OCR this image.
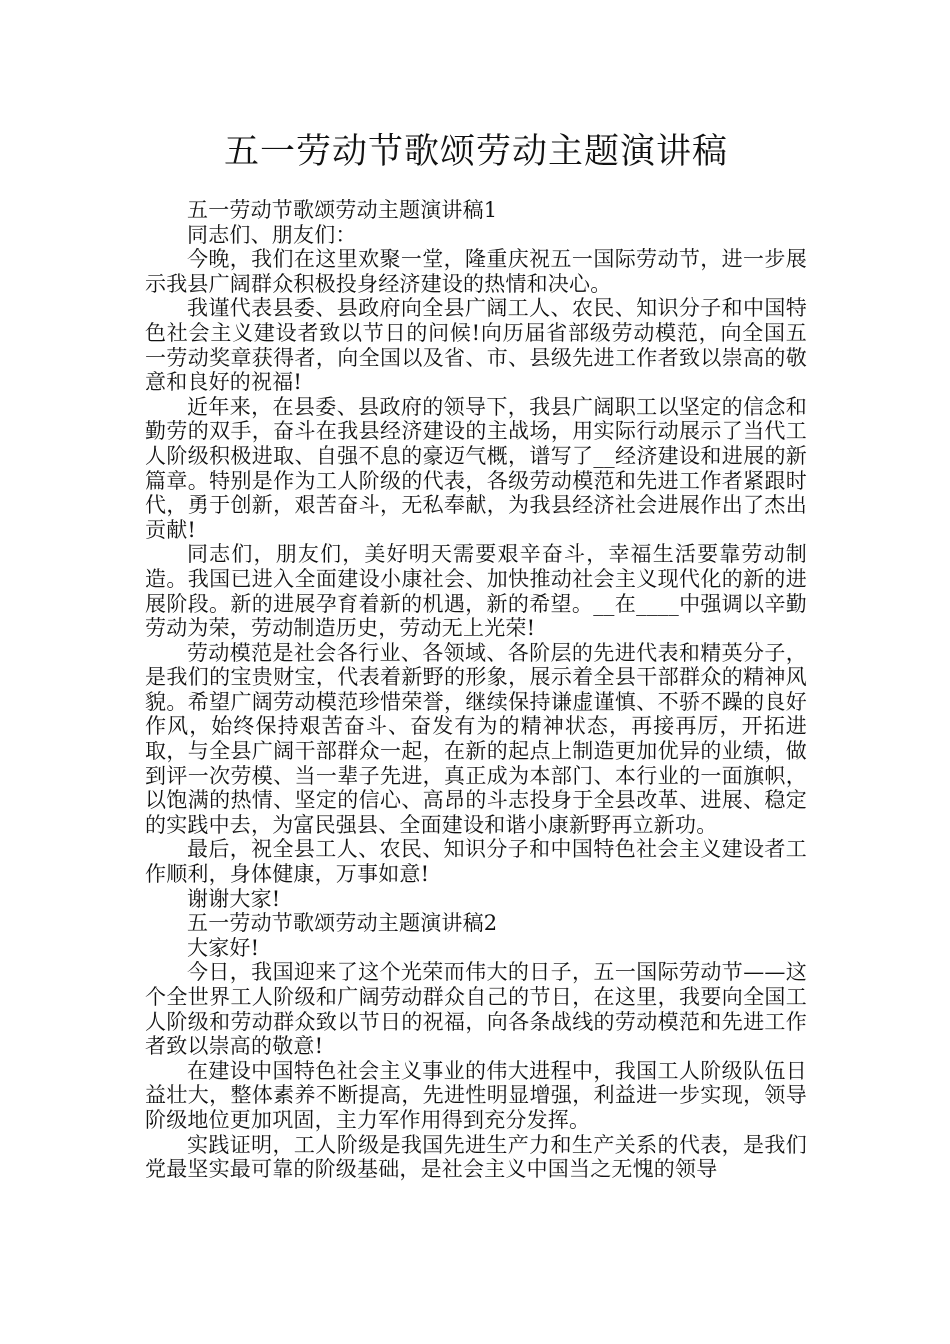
五一劳动节歌颂劳动主题演讲稿

五一劳动节歌颂劳动主题演讲稿1

同志们、朋友们：

今晚，我们在这里欢聚一堂，隆重庆祝五一国际劳动节，进一步展示我县广阔群众积极投身经济建设的热情和决心。

我谨代表县委、县政府向全县广阔工人、农民、知识分子和中国特色社会主义建设者致以节日的问候!向历届省部级劳动模范，向全国五一劳动奖章获得者，向全国以及省、市、县级先进工作者致以崇高的敬意和良好的祝福!

近年来，在县委、县政府的领导下，我县广阔职工以坚定的信念和勤劳的双手，奋斗在我县经济建设的主战场，用实际行动展示了当代工人阶级积极进取、自强不息的豪迈气概，谱写了__经济建设和进展的新篇章。特别是作为工人阶级的代表，各级劳动模范和先进工作者紧跟时代，勇于创新，艰苦奋斗，无私奉献，为我县经济社会进展作出了杰出贡献!

同志们，朋友们，美好明天需要艰辛奋斗，幸福生活要靠劳动制造。我国已进入全面建设小康社会、加快推动社会主义现代化的新的进展阶段。新的进展孕育着新的机遇，新的希望。__在____中强调以辛勤劳动为荣，劳动制造历史，劳动无上光荣!

劳动模范是社会各行业、各领域、各阶层的先进代表和精英分子，是我们的宝贵财宝，代表着新野的形象，展示着全县干部群众的精神风貌。希望广阔劳动模范珍惜荣誉，继续保持谦虚谨慎、不骄不躁的良好作风，始终保持艰苦奋斗、奋发有为的精神状态，再接再厉，开拓进取，与全县广阔干部群众一起，在新的起点上制造更加优异的业绩，做到评一次劳模、当一辈子先进，真正成为本部门、本行业的一面旗帜，以饱满的热情、坚定的信心、高昂的斗志投身于全县改革、进展、稳定的实践中去，为富民强县、全面建设和谐小康新野再立新功。

最后，祝全县工人、农民、知识分子和中国特色社会主义建设者工作顺利，身体健康，万事如意!

谢谢大家!

五一劳动节歌颂劳动主题演讲稿2

大家好!

今日，我国迎来了这个光荣而伟大的日子，五一国际劳动节——这个全世界工人阶级和广阔劳动群众自己的节日，在这里，我要向全国工人阶级和劳动群众致以节日的祝福，向各条战线的劳动模范和先进工作者致以崇高的敬意!

在建设中国特色社会主义事业的伟大进程中，我国工人阶级队伍日益壮大，整体素养不断提高，先进性明显增强，利益进一步实现，领导阶级地位更加巩固，主力军作用得到充分发挥。

实践证明，工人阶级是我国先进生产力和生产关系的代表，是我们党最坚实最可靠的阶级基础，是社会主义中国当之无愧的领导
